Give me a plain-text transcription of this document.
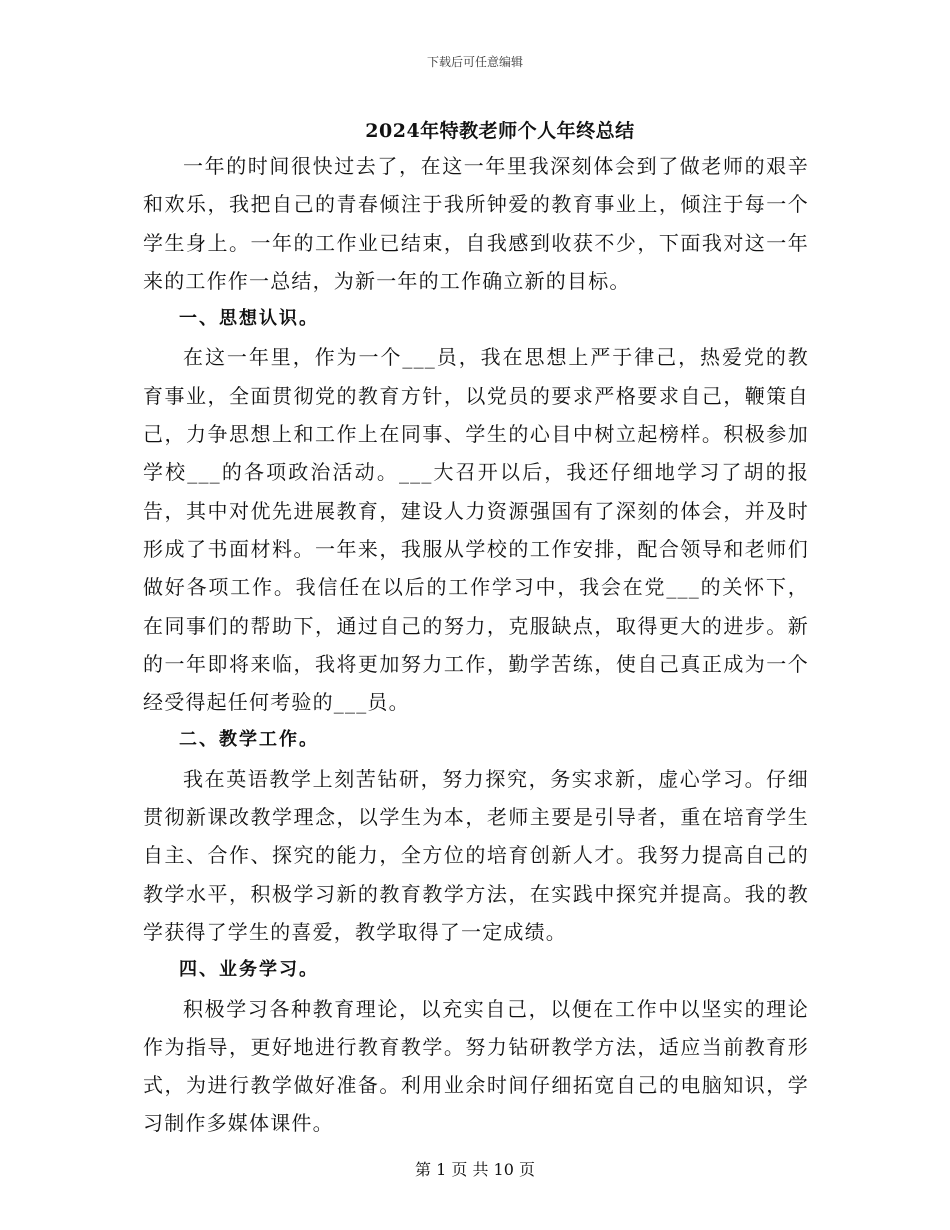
下载后可任意编辑
2024年特教老师个人年终总结

一年的时间很快过去了，在这一年里我深刻体会到了做老师的艰辛和欢乐，我把自己的青春倾注于我所钟爱的教育事业上，倾注于每一个学生身上。一年的工作业已结束，自我感到收获不少，下面我对这一年来的工作作一总结，为新一年的工作确立新的目标。

一、思想认识。

在这一年里，作为一个___员，我在思想上严于律己，热爱党的教育事业，全面贯彻党的教育方针，以党员的要求严格要求自己，鞭策自己，力争思想上和工作上在同事、学生的心目中树立起榜样。积极参加学校___的各项政治活动。___大召开以后，我还仔细地学习了胡的报告，其中对优先进展教育，建设人力资源强国有了深刻的体会，并及时形成了书面材料。一年来，我服从学校的工作安排，配合领导和老师们做好各项工作。我信任在以后的工作学习中，我会在党___的关怀下，在同事们的帮助下，通过自己的努力，克服缺点，取得更大的进步。新的一年即将来临，我将更加努力工作，勤学苦练，使自己真正成为一个经受得起任何考验的___员。

二、教学工作。

我在英语教学上刻苦钻研，努力探究，务实求新，虚心学习。仔细贯彻新课改教学理念，以学生为本，老师主要是引导者，重在培育学生自主、合作、探究的能力，全方位的培育创新人才。我努力提高自己的教学水平，积极学习新的教育教学方法，在实践中探究并提高。我的教学获得了学生的喜爱，教学取得了一定成绩。

四、业务学习。

积极学习各种教育理论，以充实自己，以便在工作中以坚实的理论作为指导，更好地进行教育教学。努力钻研教学方法，适应当前教育形式，为进行教学做好准备。利用业余时间仔细拓宽自己的电脑知识，学习制作多媒体课件。

第 1 页 共 10 页
